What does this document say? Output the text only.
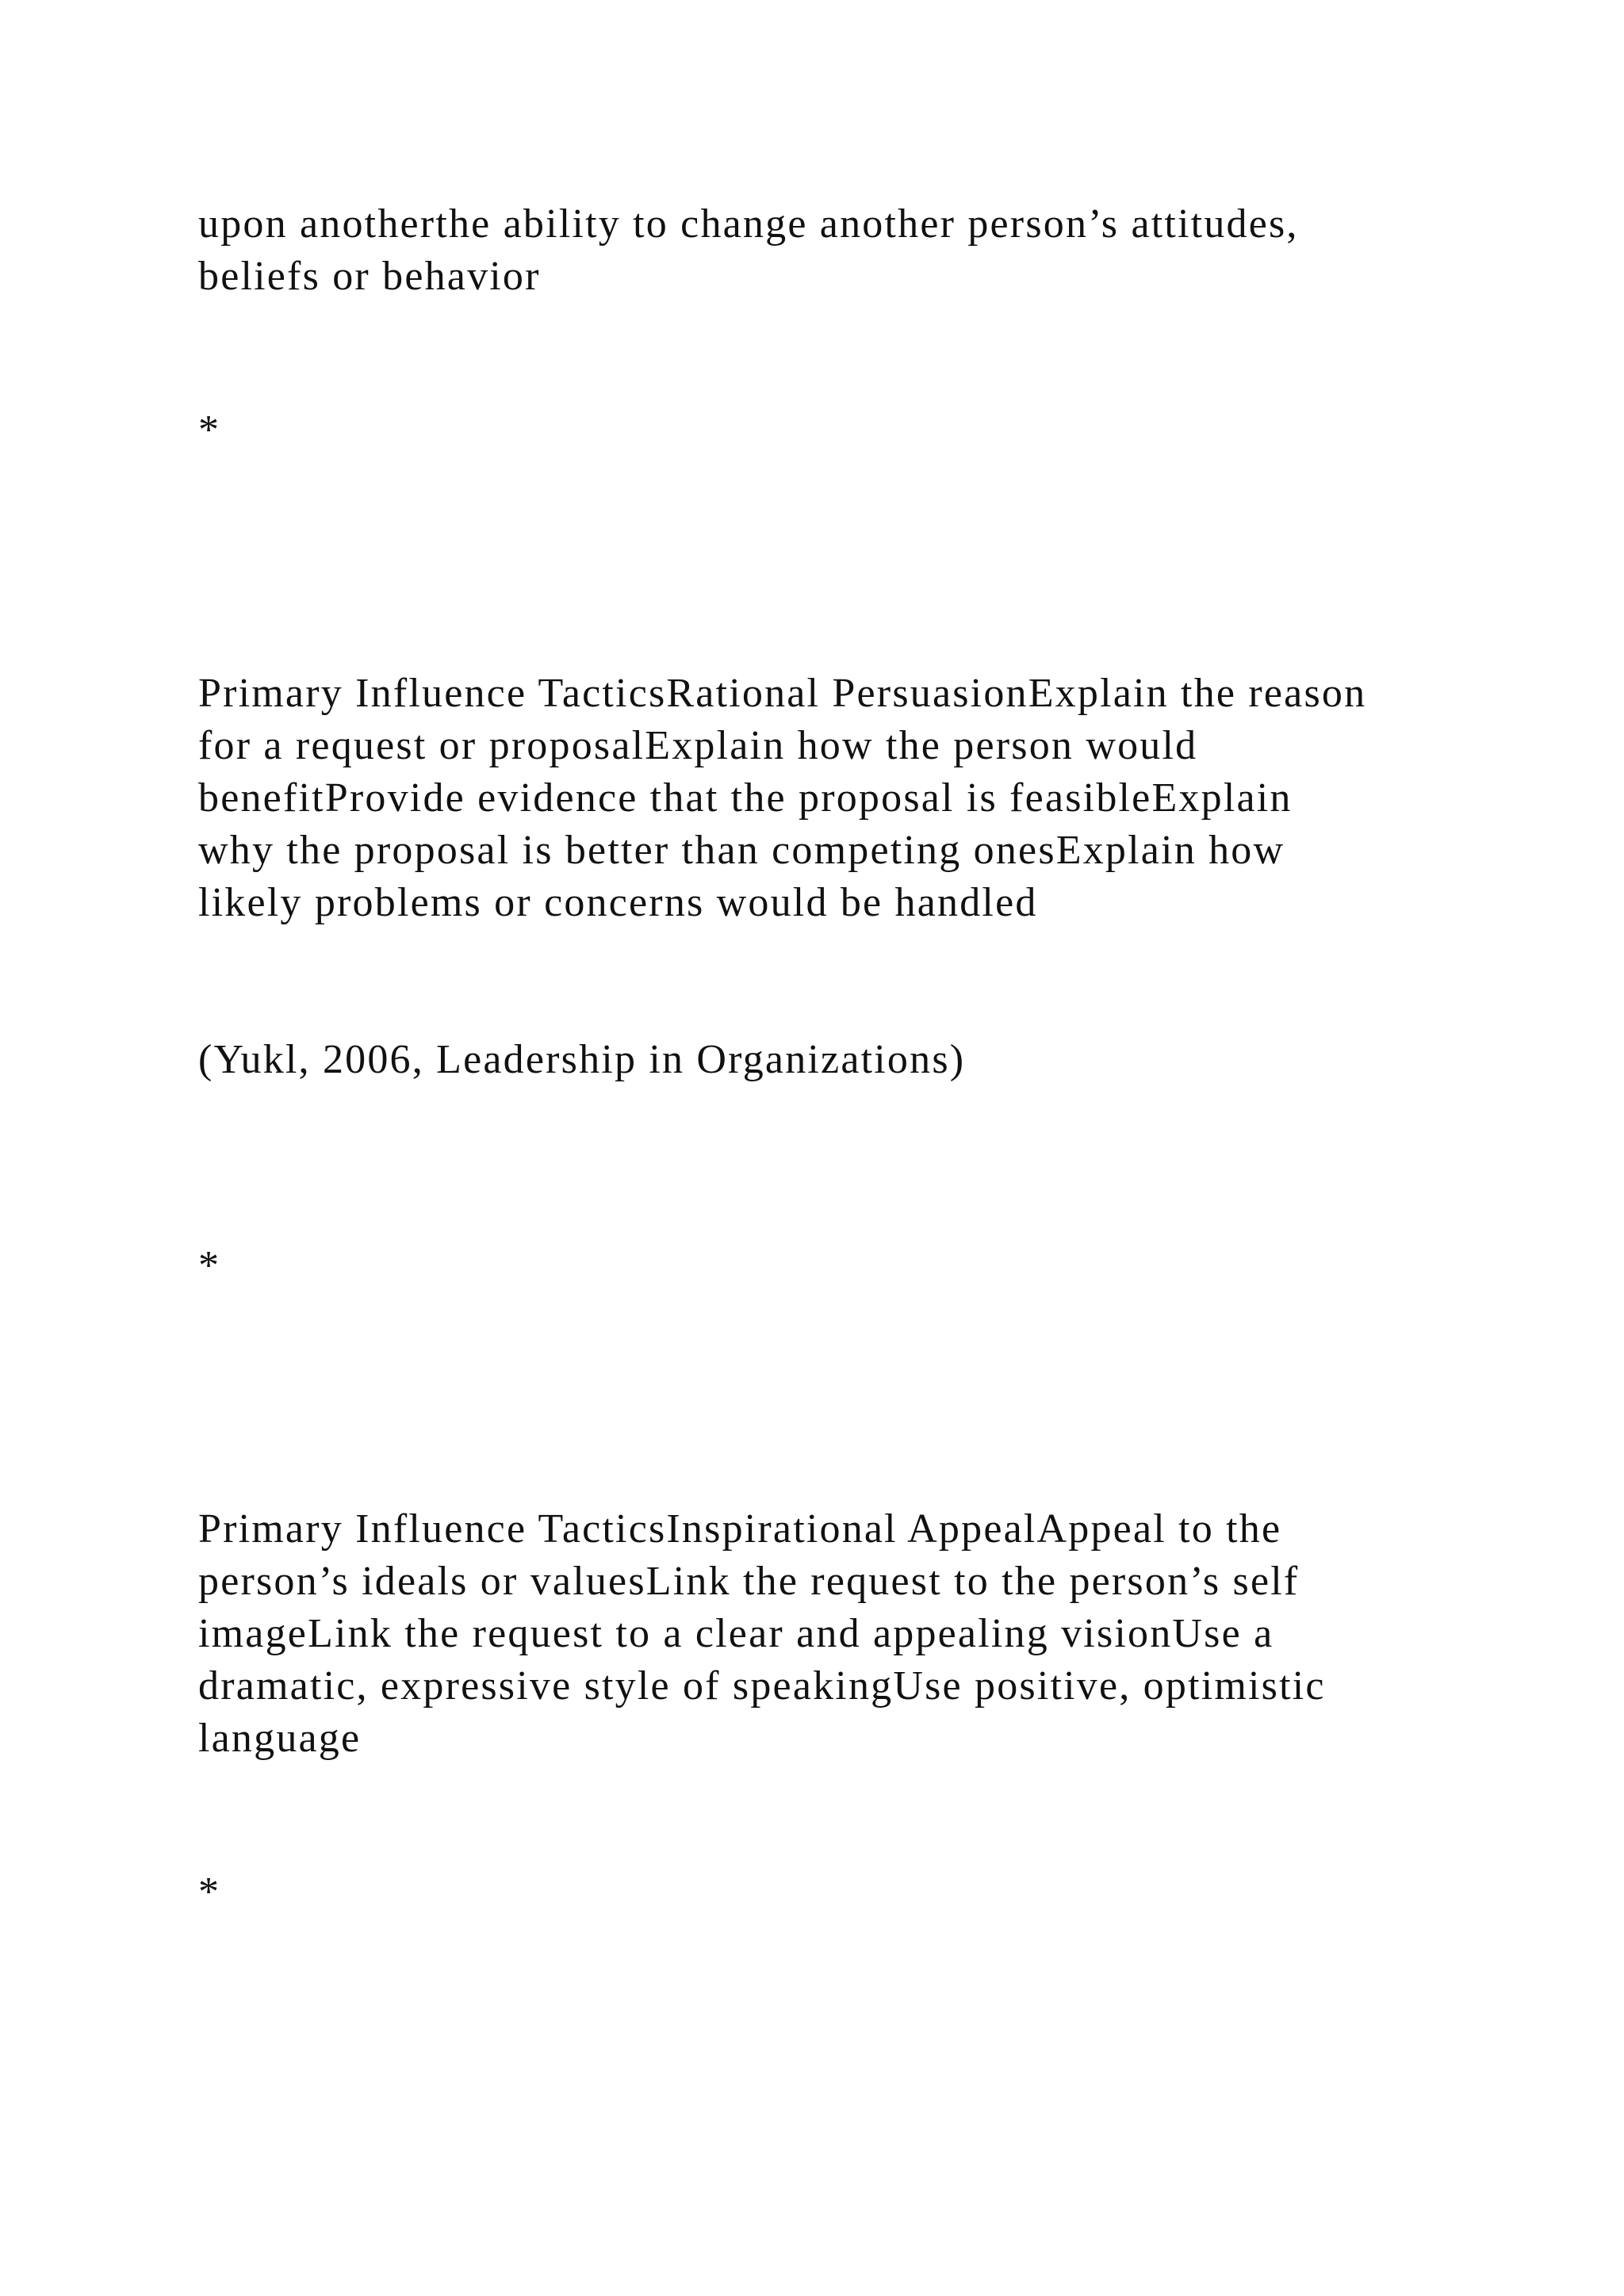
upon anotherthe ability to change another person’s attitudes,

beliefs or behavior

*

Primary Influence TacticsRational PersuasionExplain the reason

for a request or proposalExplain how the person would

benefitProvide evidence that the proposal is feasibleExplain

why the proposal is better than competing onesExplain how

likely problems or concerns would be handled

(Yukl, 2006, Leadership in Organizations)

*

Primary Influence TacticsInspirational AppealAppeal to the

person’s ideals or valuesLink the request to the person’s self

imageLink the request to a clear and appealing visionUse a

dramatic, expressive style of speakingUse positive, optimistic

language

*
